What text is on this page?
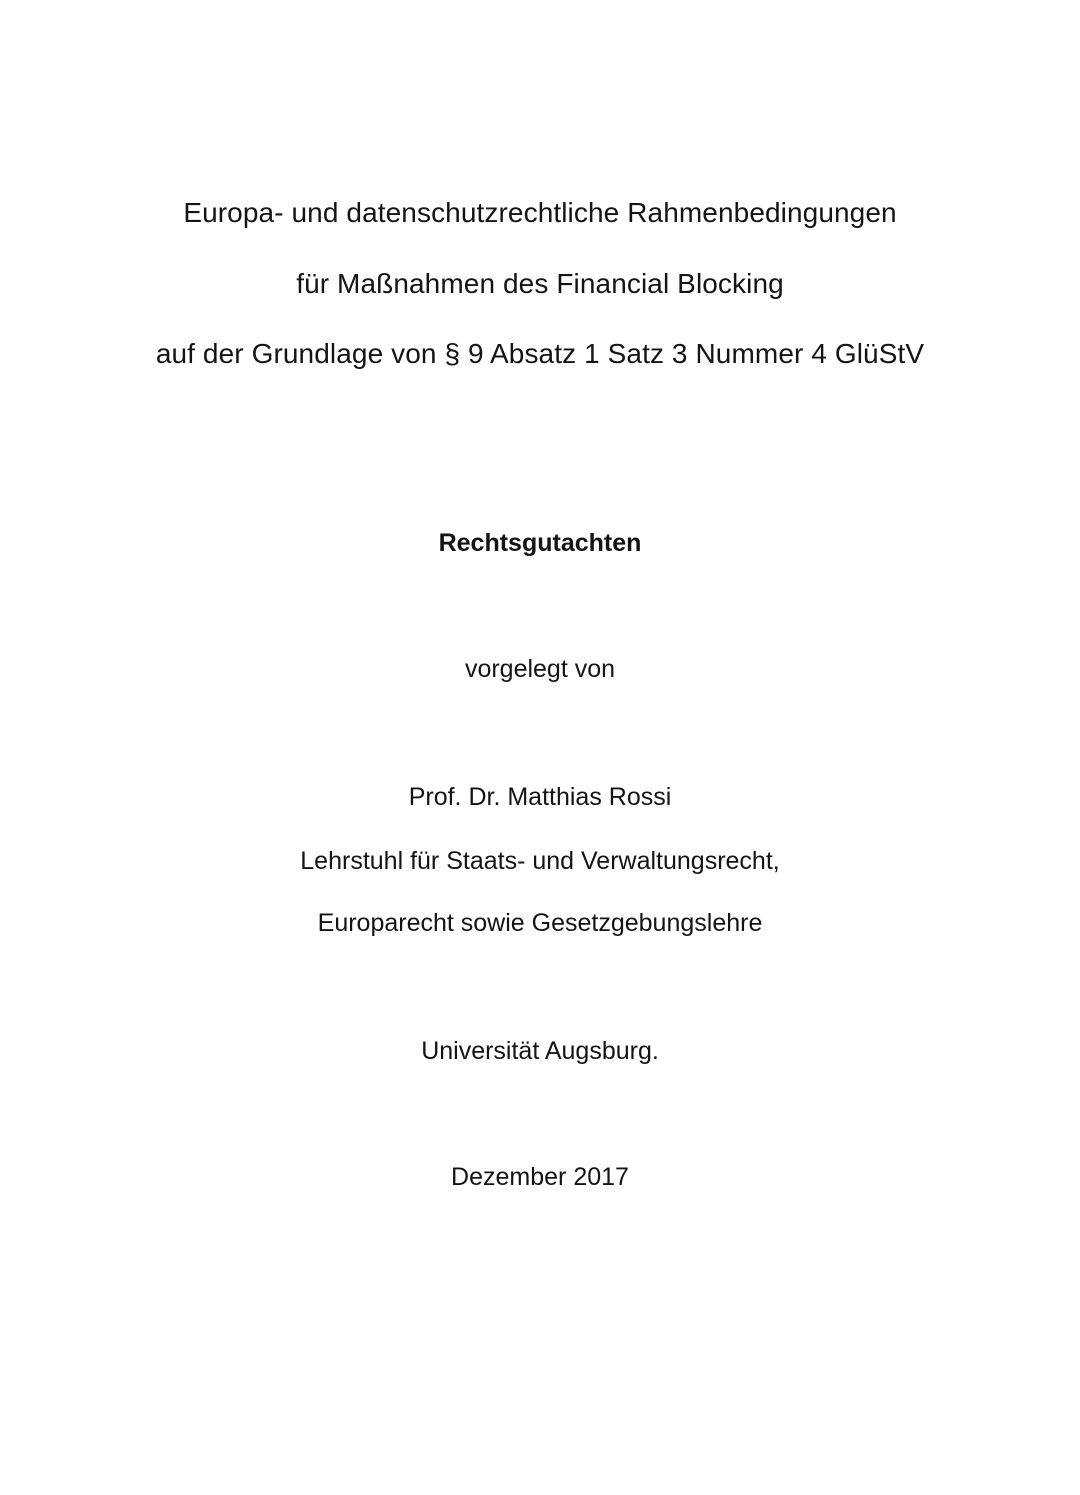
Europa- und datenschutzrechtliche Rahmenbedingungen
für Maßnahmen des Financial Blocking
auf der Grundlage von § 9 Absatz 1 Satz 3 Nummer 4 GlüStV
Rechtsgutachten
vorgelegt von
Prof. Dr. Matthias Rossi
Lehrstuhl für Staats- und Verwaltungsrecht,
Europarecht sowie Gesetzgebungslehre
Universität Augsburg.
Dezember 2017
